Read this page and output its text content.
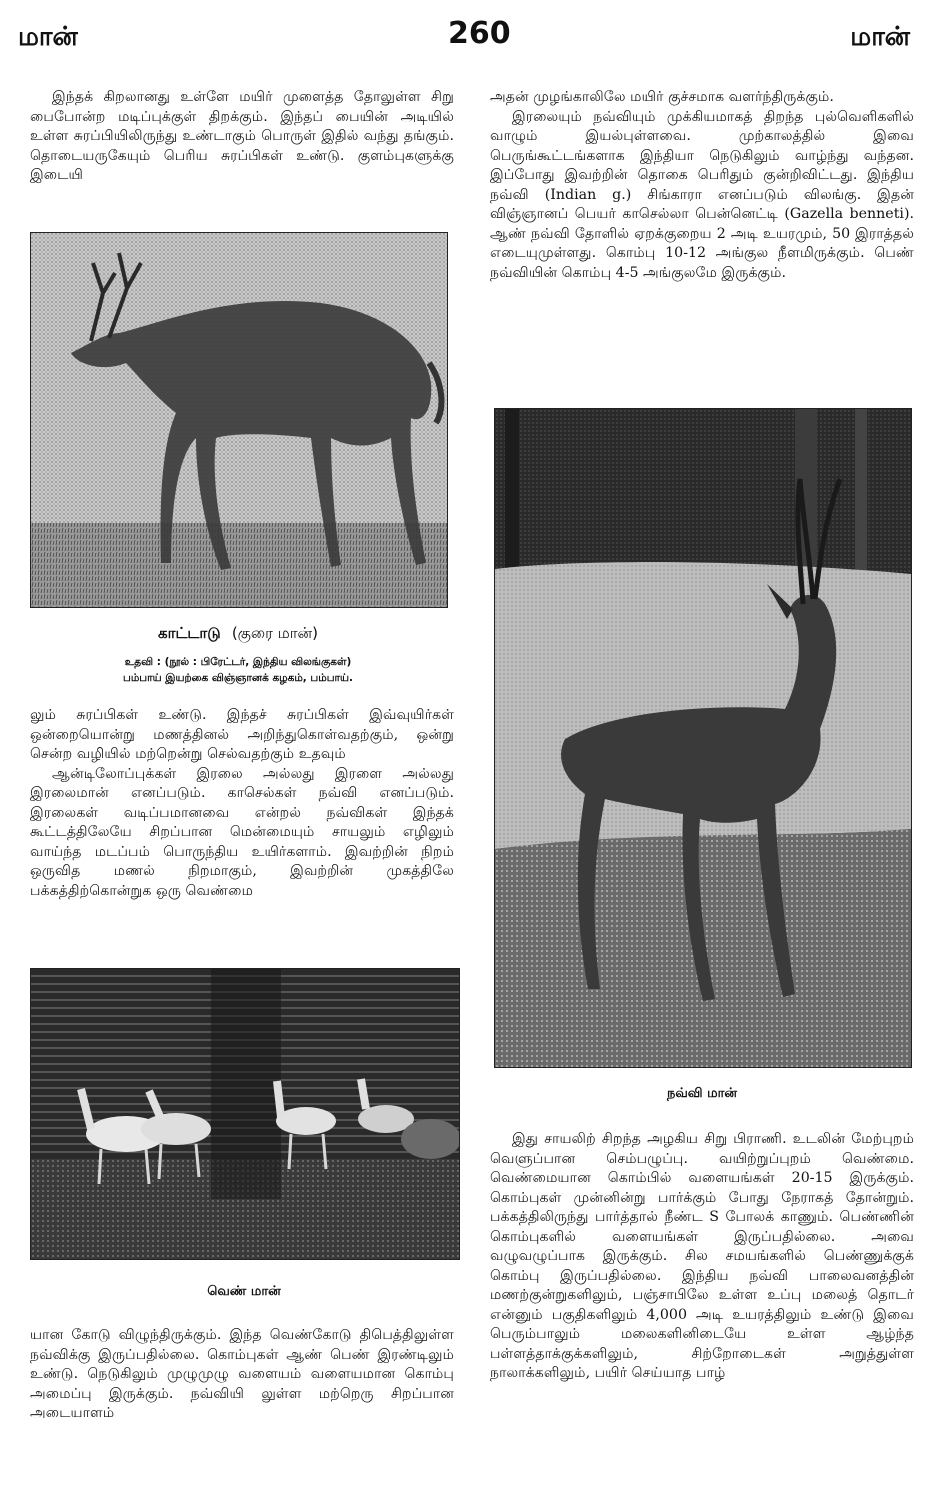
மான்	260	மான்

இந்தக் கிறலானது உள்ளே மயிர் முளைத்த தோலுள்ள சிறு பைபோன்ற மடிப்புக்குள் திறக்கும். இந்தப் பையின் அடியில் உள்ள சுரப்பியிலிருந்து உண்டாகும் பொருள் இதில் வந்து தங்கும். தொடையருகேயும் பெரிய சுரப்பிகள் உண்டு. குளம்புகளுக்கு இடையி

காட்டாடு (குரை மான்)
உதவி : (நூல் : பிரேட்டர், இந்திய விலங்குகள்)
பம்பாய் இயற்கை விஞ்ஞானக் கழகம், பம்பாய்.

லும் சுரப்பிகள் உண்டு. இந்தச் சுரப்பிகள் இவ்வுயிர்கள் ஒன்றையொன்று மணத்தினல் அறிந்துகொள்வதற்கும், ஒன்று சென்ற வழியில் மற்றென்று செல்வதற்கும் உதவும்

ஆன்டிலோப்புக்கள் இரலை அல்லது இரளை அல்லது இரலைமான் எனப்படும். காசெல்கள் நவ்வி எனப்படும். இரலைகள் வடிப்பமானவை என்றல் நவ்விகள் இந்தக் கூட்டத்திலேயே சிறப்பான மென்மையும் சாயலும் எழிலும் வாய்ந்த மடப்பம் பொருந்திய உயிர்களாம். இவற்றின் நிறம் ஒருவித மணல் நிறமாகும், இவற்றின் முகத்திலே பக்கத்திற்கொன்றுக ஒரு வெண்மை

வெண் மான்

யான கோடு விழுந்திருக்கும். இந்த வெண்கோடு திபெத்திலுள்ள நவ்விக்கு இருப்பதில்லை. கொம்புகள் ஆண் பெண் இரண்டிலும் உண்டு. நெடுகிலும் முழுமுழு வளையம் வளையமான கொம்பு அமைப்பு இருக்கும். நவ்வியி லுள்ள மற்றெரு சிறப்பான அடையாளம்

அதன் முழங்காலிலே மயிர் குச்சமாக வளர்ந்திருக்கும்.

இரலையும் நவ்வியும் முக்கியமாகத் திறந்த புல்வெளிகளில் வாழும் இயல்புள்ளவை. முற்காலத்தில் இவை பெருங்கூட்டங்களாக இந்தியா நெடுகிலும் வாழ்ந்து வந்தன. இப்போது இவற்றின் தொகை பெரிதும் குன்றிவிட்டது. இந்திய நவ்வி (Indian g.) சிங்காரா எனப்படும் விலங்கு. இதன் விஞ்ஞானப் பெயர் காசெல்லா பென்னெட்டி (Gazella benneti). ஆண் நவ்வி தோளில் ஏறக்குறைய 2 அடி உயரமும், 50 இராத்தல் எடையுமுள்ளது. கொம்பு 10-12 அங்குல நீளமிருக்கும். பெண் நவ்வியின் கொம்பு 4-5 அங்குலமே இருக்கும்.

நவ்வி மான்

இது சாயலிற் சிறந்த அழகிய சிறு பிராணி. உடலின் மேற்புறம் வெளுப்பான செம்பழுப்பு. வயிற்றுப்புறம் வெண்மை. வெண்மையான கொம்பில் வளையங்கள் 20-15 இருக்கும். கொம்புகள் முன்னின்று பார்க்கும் போது நேராகத் தோன்றும். பக்கத்திலிருந்து பார்த்தால் நீண்ட S போலக் காணும். பெண்ணின் கொம்புகளில் வளையங்கள் இருப்பதில்லை. அவை வழுவழுப்பாக இருக்கும். சில சமயங்களில் பெண்ணுக்குக் கொம்பு இருப்பதில்லை. இந்திய நவ்வி பாலைவனத்தின் மணற்குன்றுகளிலும், பஞ்சாபிலே உள்ள உப்பு மலைத் தொடர் என்னும் பகுதிகளிலும் 4,000 அடி உயரத்திலும் உண்டு இவை பெரும்பாலும் மலைகளினிடையே உள்ள ஆழ்ந்த பள்ளத்தாக்குக்களிலும், சிற்றோடைகள் அறுத்துள்ள நாலாக்களிலும், பயிர் செய்யாத பாழ்
